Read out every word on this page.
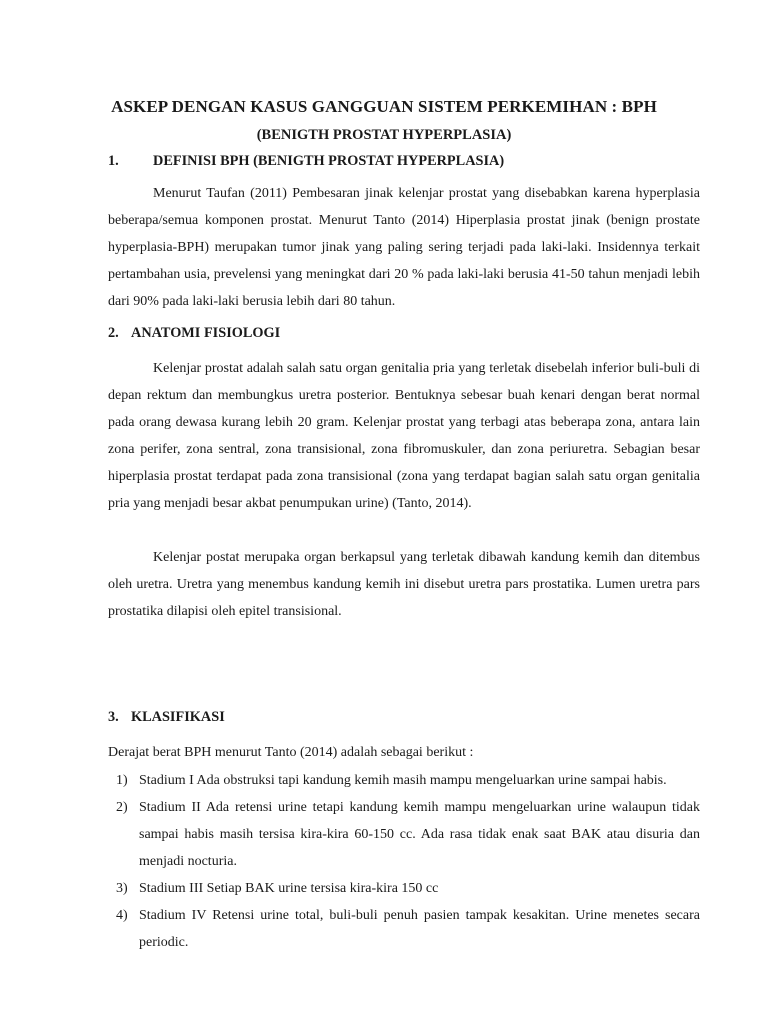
ASKEP DENGAN KASUS GANGGUAN SISTEM PERKEMIHAN : BPH
(BENIGTH PROSTAT HYPERPLASIA)
1. DEFINISI BPH (BENIGTH PROSTAT HYPERPLASIA)

Menurut Taufan (2011) Pembesaran jinak kelenjar prostat yang disebabkan karena hyperplasia beberapa/semua komponen prostat. Menurut Tanto (2014) Hiperplasia prostat jinak (benign prostate hyperplasia-BPH) merupakan tumor jinak yang paling sering terjadi pada laki-laki. Insidennya terkait pertambahan usia, prevelensi yang meningkat dari 20 % pada laki-laki berusia 41-50 tahun menjadi lebih dari 90% pada laki-laki berusia lebih dari 80 tahun.

2. ANATOMI FISIOLOGI

Kelenjar prostat adalah salah satu organ genitalia pria yang terletak disebelah inferior buli-buli di depan rektum dan membungkus uretra posterior. Bentuknya sebesar buah kenari dengan berat normal pada orang dewasa kurang lebih 20 gram. Kelenjar prostat yang terbagi atas beberapa zona, antara lain zona perifer, zona sentral, zona transisional, zona fibromuskuler, dan zona periuretra. Sebagian besar hiperplasia prostat terdapat pada zona transisional (zona yang terdapat bagian salah satu organ genitalia pria yang menjadi besar akbat penumpukan urine) (Tanto, 2014).

Kelenjar postat merupaka organ berkapsul yang terletak dibawah kandung kemih dan ditembus oleh uretra. Uretra yang menembus kandung kemih ini disebut uretra pars prostatika. Lumen uretra pars prostatika dilapisi oleh epitel transisional.

3. KLASIFIKASI

Derajat berat BPH menurut Tanto (2014) adalah sebagai berikut :

1) Stadium I Ada obstruksi tapi kandung kemih masih mampu mengeluarkan urine sampai habis.
2) Stadium II Ada retensi urine tetapi kandung kemih mampu mengeluarkan urine walaupun tidak sampai habis masih tersisa kira-kira 60-150 cc. Ada rasa tidak enak saat BAK atau disuria dan menjadi nocturia.
3) Stadium III Setiap BAK urine tersisa kira-kira 150 cc
4) Stadium IV Retensi urine total, buli-buli penuh pasien tampak kesakitan. Urine menetes secara periodic.
